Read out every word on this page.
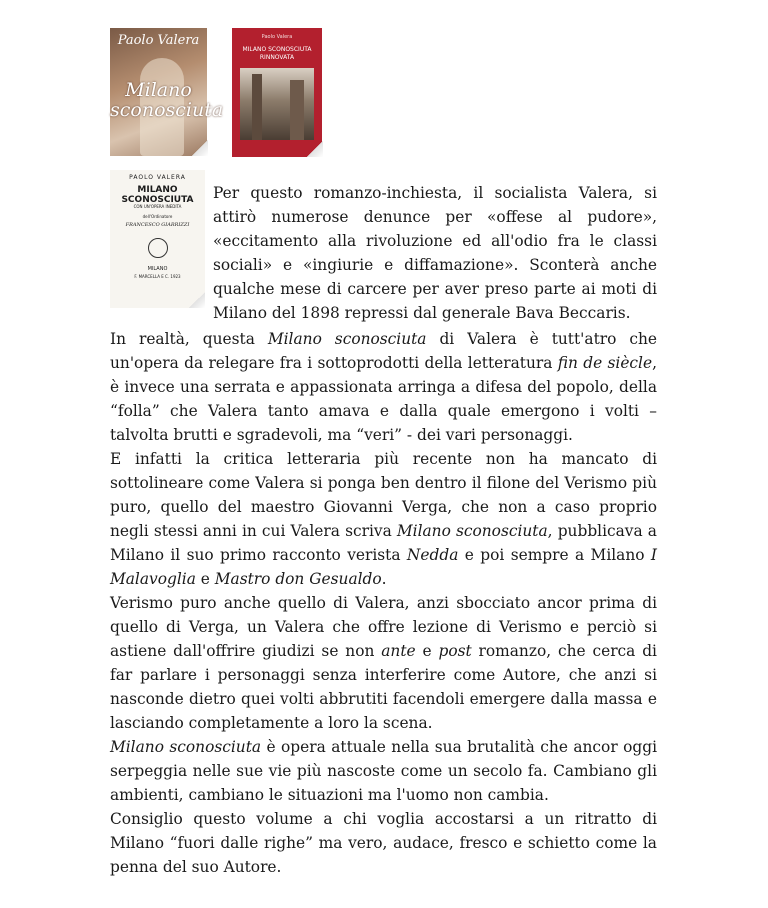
Paolo Valera
Milano sconosciuta
Paolo Valera
MILANO SCONOSCIUTA RINNOVATA
PAOLO VALERA
MILANO SCONOSCIUTA
CON UN'OPERA INEDITA
dell'Ordinatore
FRANCESCO GIARRIZZI
MILANO
F. MARCELLA E C. 1923

Per questo romanzo-inchiesta, il socialista Valera, si attirò numerose denunce per «offese al pudore», «eccitamento alla rivoluzione ed all'odio fra le classi sociali» e «ingiurie e diffamazione». Sconterà anche qualche mese di carcere per aver preso parte ai moti di Milano del 1898 repressi dal generale Bava Beccaris.

In realtà, questa Milano sconosciuta di Valera è tutt'atro che un'opera da relegare fra i sottoprodotti della letteratura fin de siècle, è invece una serrata e appassionata arringa a difesa del popolo, della “folla” che Valera tanto amava e dalla quale emergono i volti – talvolta brutti e sgradevoli, ma “veri” - dei vari personaggi.

E infatti la critica letteraria più recente non ha mancato di sottolineare come Valera si ponga ben dentro il filone del Verismo più puro, quello del maestro Giovanni Verga, che non a caso proprio negli stessi anni in cui Valera scriva Milano sconosciuta, pubblicava a Milano il suo primo racconto verista Nedda e poi sempre a Milano I Malavoglia e Mastro don Gesualdo.

Verismo puro anche quello di Valera, anzi sbocciato ancor prima di quello di Verga, un Valera che offre lezione di Verismo e perciò si astiene dall'offrire giudizi se non ante e post romanzo, che cerca di far parlare i personaggi senza interferire come Autore, che anzi si nasconde dietro quei volti abbrutiti facendoli emergere dalla massa e lasciando completamente a loro la scena.

Milano sconosciuta è opera attuale nella sua brutalità che ancor oggi serpeggia nelle sue vie più nascoste come un secolo fa. Cambiano gli ambienti, cambiano le situazioni ma l'uomo non cambia.

Consiglio questo volume a chi voglia accostarsi a un ritratto di Milano “fuori dalle righe” ma vero, audace, fresco e schietto come la penna del suo Autore.
